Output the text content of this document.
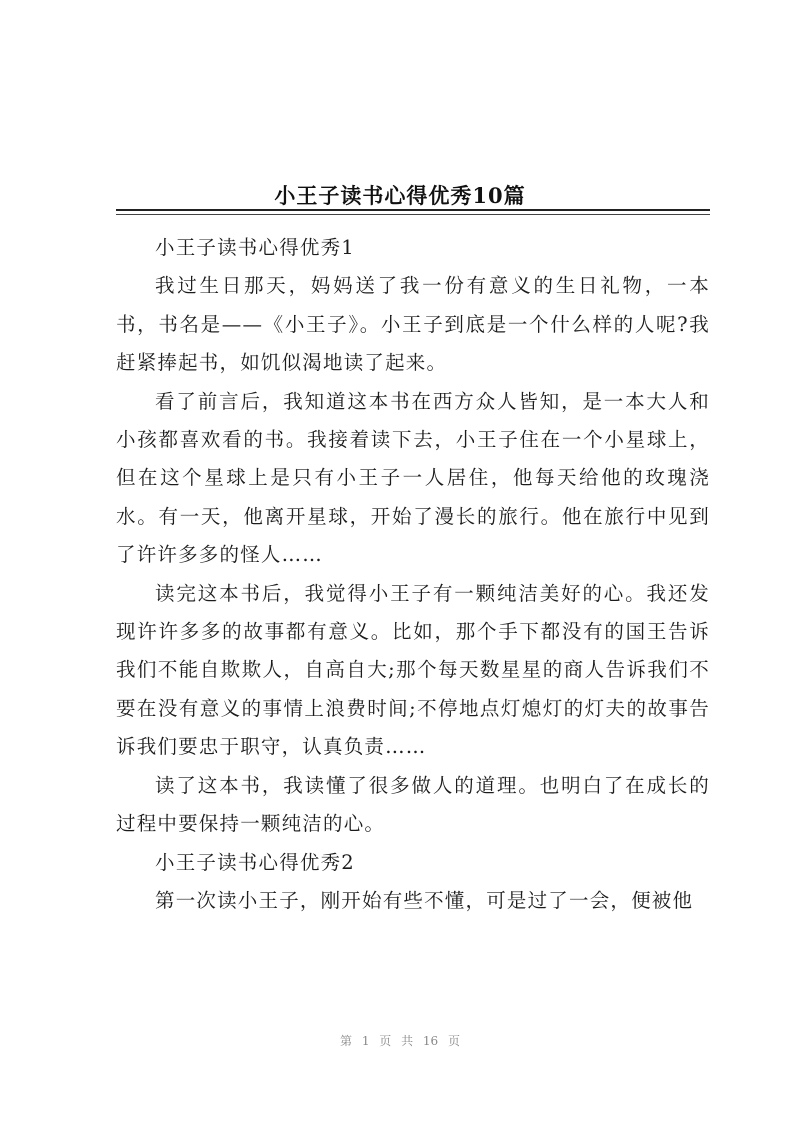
小王子读书心得优秀10篇

小王子读书心得优秀1

我过生日那天，妈妈送了我一份有意义的生日礼物，一本书，书名是——《小王子》。小王子到底是一个什么样的人呢?我赶紧捧起书，如饥似渴地读了起来。

看了前言后，我知道这本书在西方众人皆知，是一本大人和小孩都喜欢看的书。我接着读下去，小王子住在一个小星球上，但在这个星球上是只有小王子一人居住，他每天给他的玫瑰浇水。有一天，他离开星球，开始了漫长的旅行。他在旅行中见到了许许多多的怪人……

读完这本书后，我觉得小王子有一颗纯洁美好的心。我还发现许许多多的故事都有意义。比如，那个手下都没有的国王告诉我们不能自欺欺人，自高自大;那个每天数星星的商人告诉我们不要在没有意义的事情上浪费时间;不停地点灯熄灯的灯夫的故事告诉我们要忠于职守，认真负责……

读了这本书，我读懂了很多做人的道理。也明白了在成长的过程中要保持一颗纯洁的心。

小王子读书心得优秀2

第一次读小王子，刚开始有些不懂，可是过了一会，便被他

第 1 页 共 16 页
